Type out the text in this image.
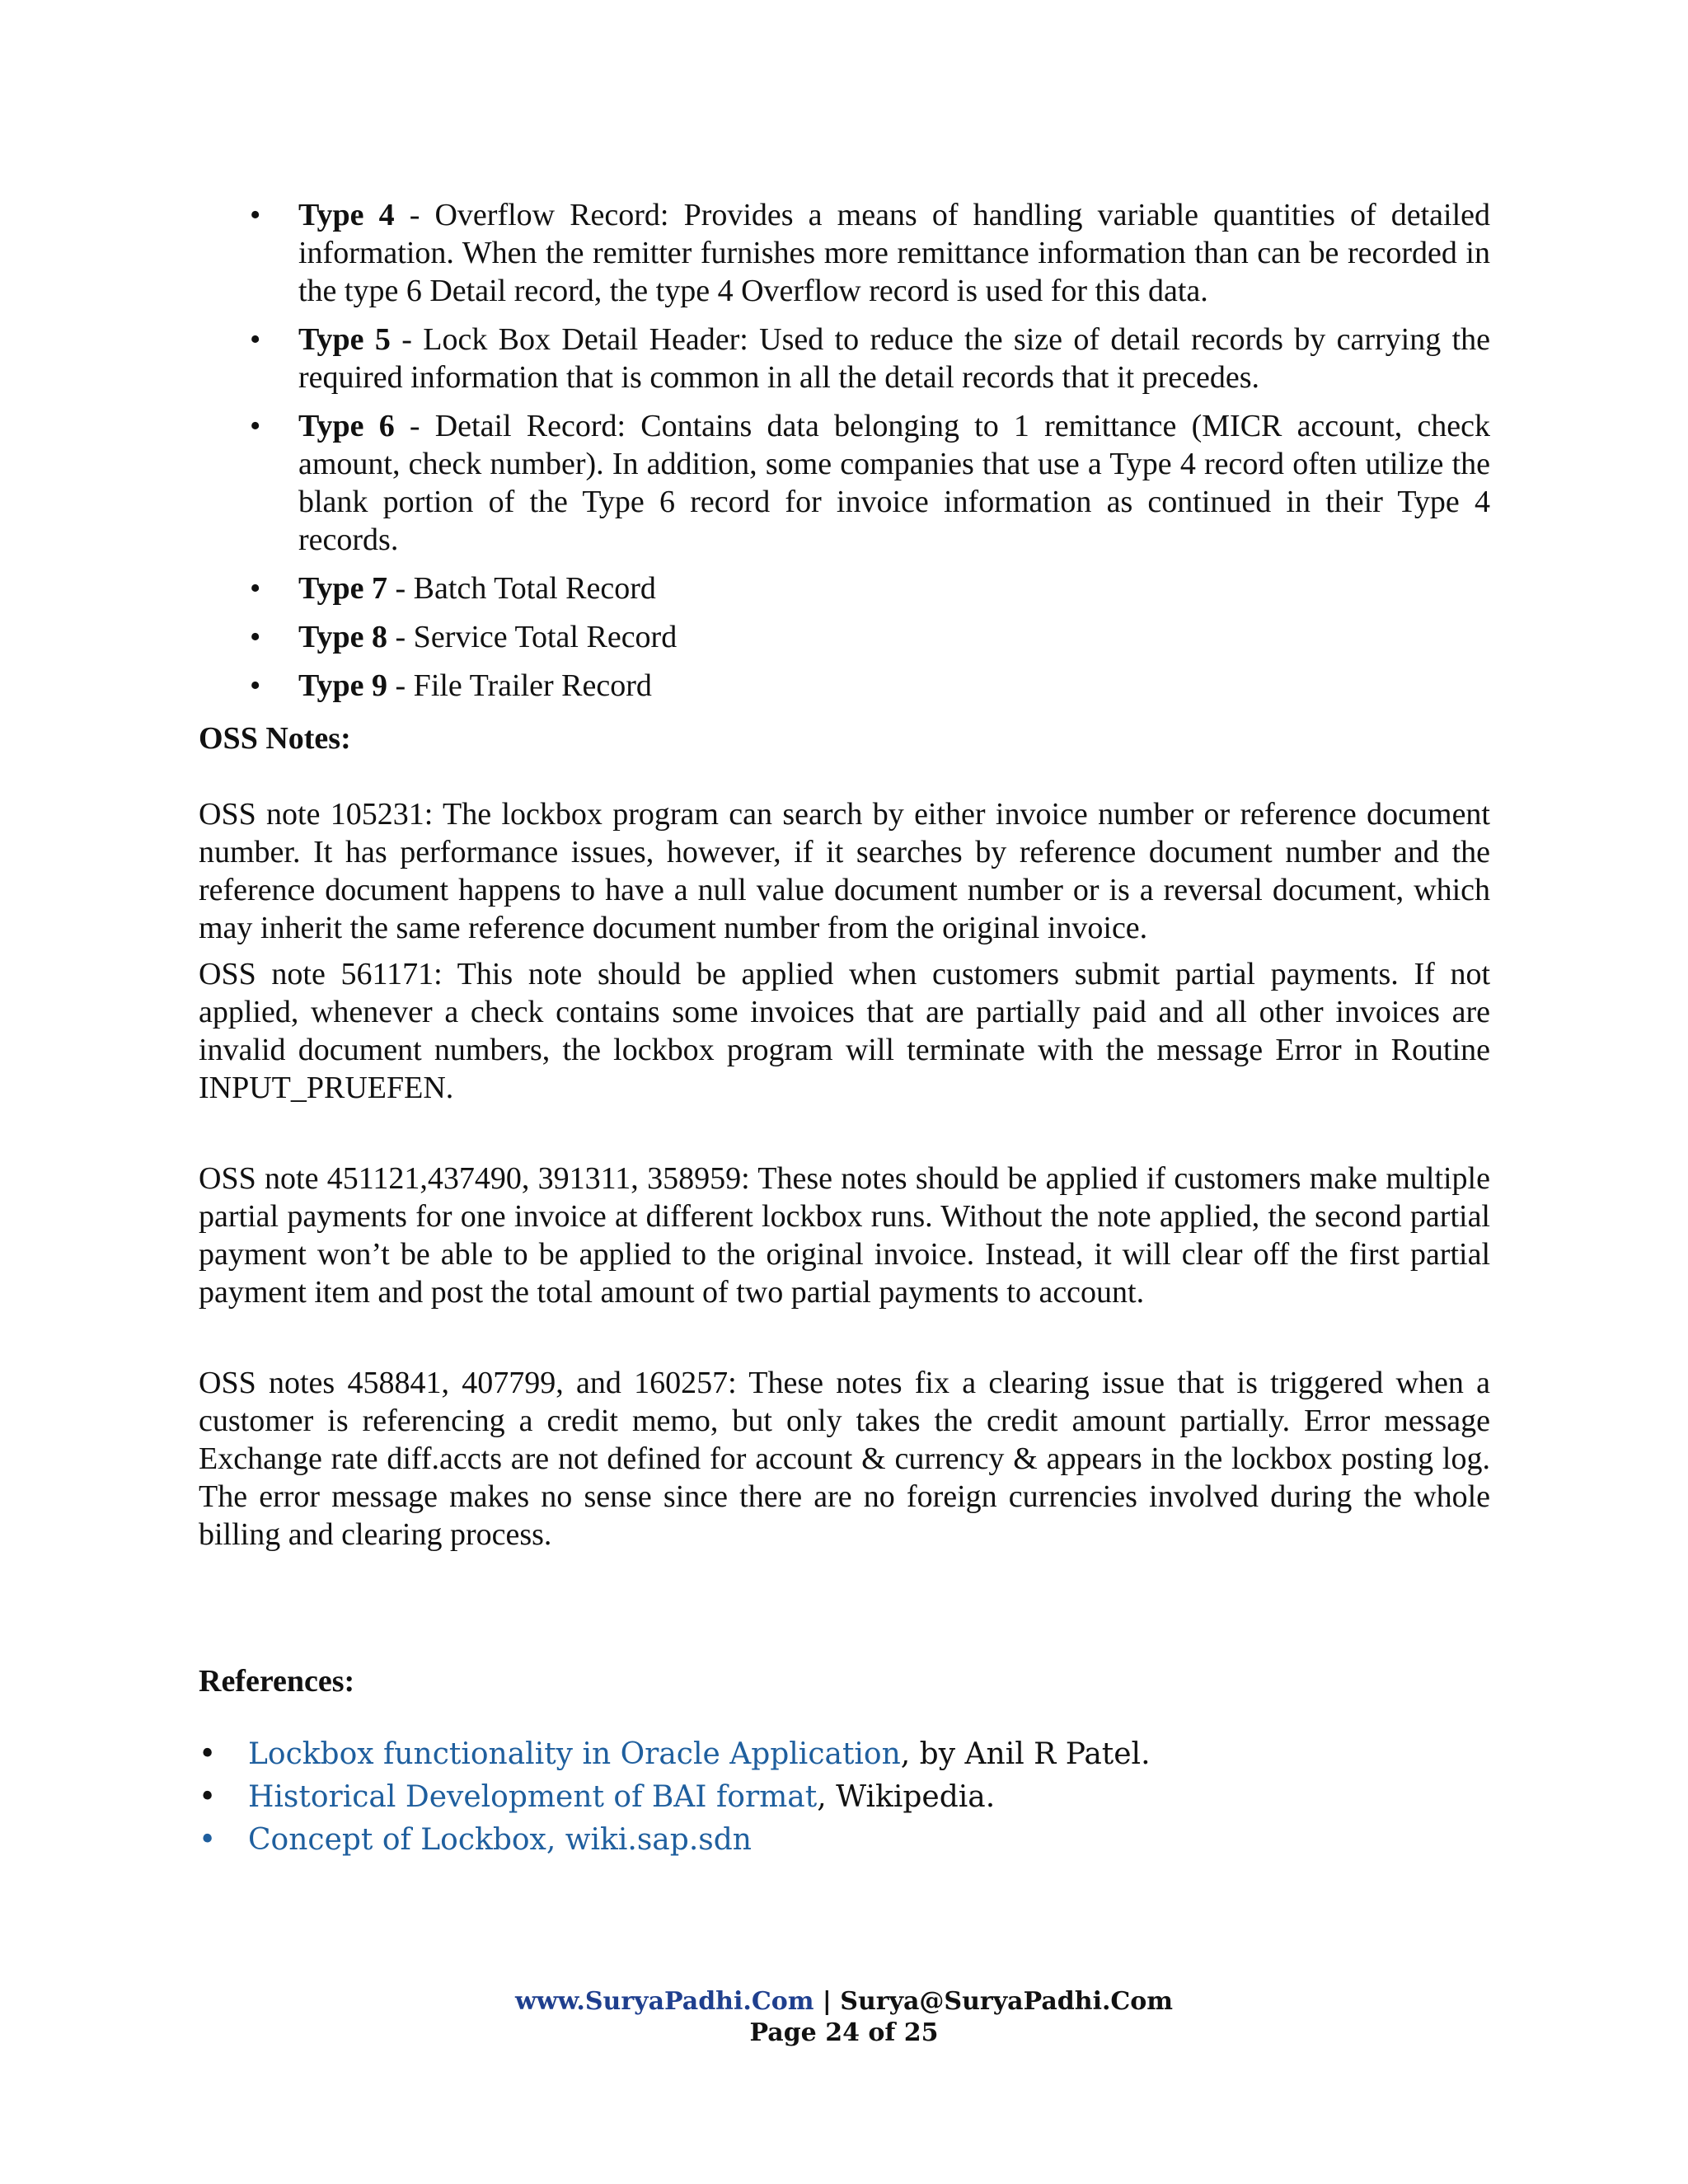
• Type 4 - Overflow Record: Provides a means of handling variable quantities of detailed information. When the remitter furnishes more remittance information than can be recorded in the type 6 Detail record, the type 4 Overflow record is used for this data.
• Type 5 - Lock Box Detail Header: Used to reduce the size of detail records by carrying the required information that is common in all the detail records that it precedes.
• Type 6 - Detail Record: Contains data belonging to 1 remittance (MICR account, check amount, check number). In addition, some companies that use a Type 4 record often utilize the blank portion of the Type 6 record for invoice information as continued in their Type 4 records.
• Type 7 - Batch Total Record
• Type 8 - Service Total Record
• Type 9 - File Trailer Record
OSS Notes:

OSS note 105231: The lockbox program can search by either invoice number or reference document number. It has performance issues, however, if it searches by reference document number and the reference document happens to have a null value document number or is a reversal document, which may inherit the same reference document number from the original invoice.

OSS note 561171: This note should be applied when customers submit partial payments. If not applied, whenever a check contains some invoices that are partially paid and all other invoices are invalid document numbers, the lockbox program will terminate with the message Error in Routine INPUT_PRUEFEN.

OSS note 451121,437490, 391311, 358959: These notes should be applied if customers make multiple partial payments for one invoice at different lockbox runs. Without the note applied, the second partial payment won’t be able to be applied to the original invoice. Instead, it will clear off the first partial payment item and post the total amount of two partial payments to account.

OSS notes 458841, 407799, and 160257: These notes fix a clearing issue that is triggered when a customer is referencing a credit memo, but only takes the credit amount partially. Error message Exchange rate diff.accts are not defined for account & currency & appears in the lockbox posting log. The error message makes no sense since there are no foreign currencies involved during the whole billing and clearing process.

References:
• Lockbox functionality in Oracle Application, by Anil R Patel.
• Historical Development of BAI format, Wikipedia.
• Concept of Lockbox, wiki.sap.sdn
www.SuryaPadhi.Com | Surya@SuryaPadhi.Com
Page 24 of 25
